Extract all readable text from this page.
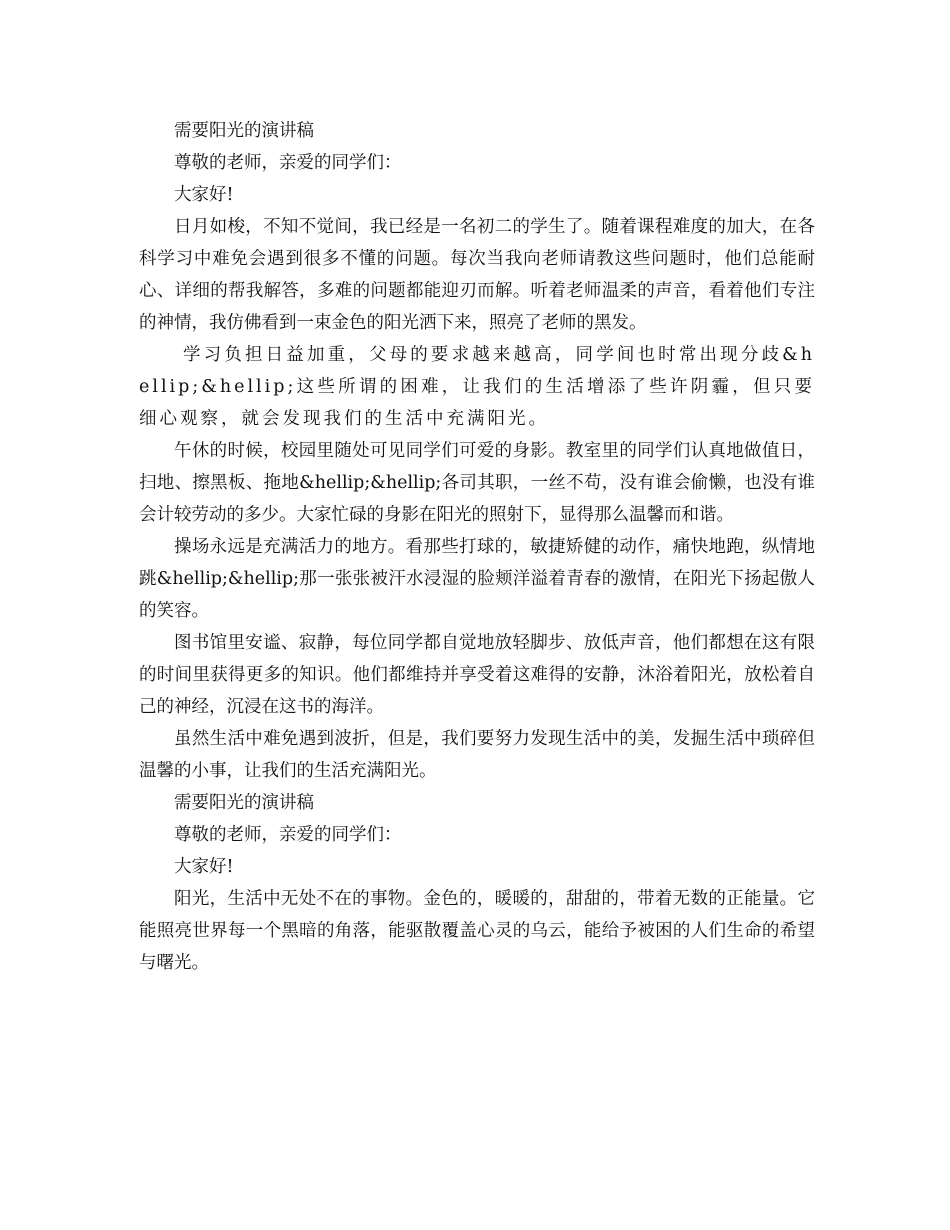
需要阳光的演讲稿

尊敬的老师，亲爱的同学们：

大家好!

日月如梭，不知不觉间，我已经是一名初二的学生了。随着课程难度的加大，在各科学习中难免会遇到很多不懂的问题。每次当我向老师请教这些问题时，他们总能耐心、详细的帮我解答，多难的问题都能迎刃而解。听着老师温柔的声音，看着他们专注的神情，我仿佛看到一束金色的阳光洒下来，照亮了老师的黑发。

学习负担日益加重，父母的要求越来越高，同学间也时常出现分歧&hellip;&hellip;这些所谓的困难，让我们的生活增添了些许阴霾，但只要细心观察，就会发现我们的生活中充满阳光。

午休的时候，校园里随处可见同学们可爱的身影。教室里的同学们认真地做值日，扫地、擦黑板、拖地&hellip;&hellip;各司其职，一丝不苟，没有谁会偷懒，也没有谁会计较劳动的多少。大家忙碌的身影在阳光的照射下，显得那么温馨而和谐。

操场永远是充满活力的地方。看那些打球的，敏捷矫健的动作，痛快地跑，纵情地跳&hellip;&hellip;那一张张被汗水浸湿的脸颊洋溢着青春的激情，在阳光下扬起傲人的笑容。

图书馆里安谧、寂静，每位同学都自觉地放轻脚步、放低声音，他们都想在这有限的时间里获得更多的知识。他们都维持并享受着这难得的安静，沐浴着阳光，放松着自己的神经，沉浸在这书的海洋。

虽然生活中难免遇到波折，但是，我们要努力发现生活中的美，发掘生活中琐碎但温馨的小事，让我们的生活充满阳光。

需要阳光的演讲稿

尊敬的老师，亲爱的同学们：

大家好!

阳光，生活中无处不在的事物。金色的，暖暖的，甜甜的，带着无数的正能量。它能照亮世界每一个黑暗的角落，能驱散覆盖心灵的乌云，能给予被困的人们生命的希望与曙光。
